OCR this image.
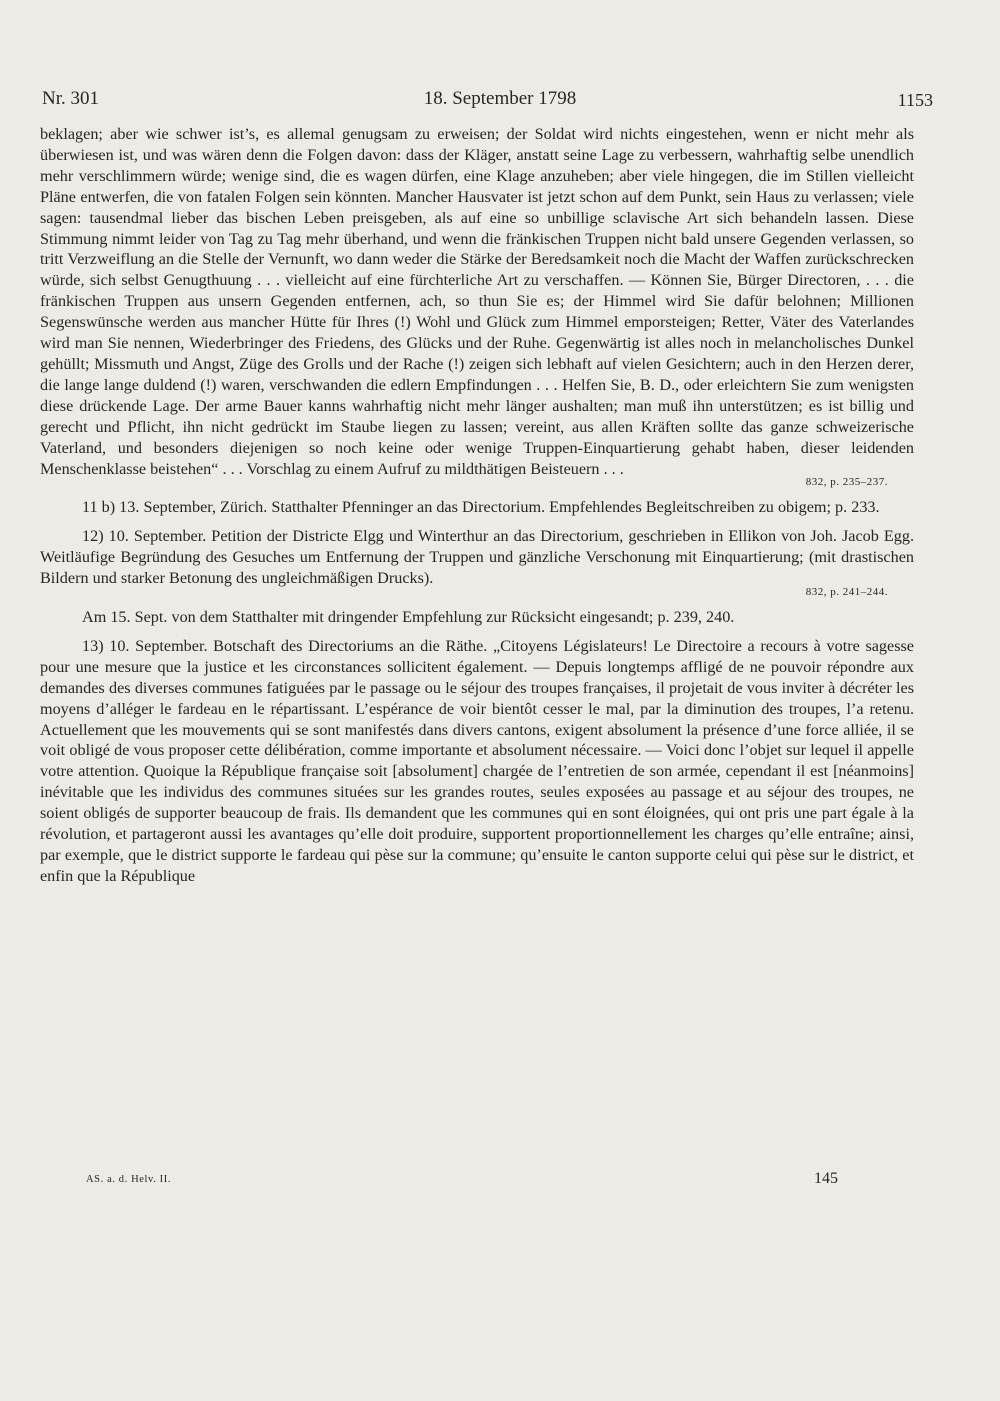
Nr. 301	18. September 1798	1153

beklagen; aber wie schwer ist’s, es allemal genugsam zu erweisen; der Soldat wird nichts eingestehen, wenn er nicht mehr als überwiesen ist, und was wären denn die Folgen davon: dass der Kläger, anstatt seine Lage zu verbessern, wahrhaftig selbe unendlich mehr verschlimmern würde; wenige sind, die es wagen dürfen, eine Klage anzuheben; aber viele hingegen, die im Stillen vielleicht Pläne entwerfen, die von fatalen Folgen sein könnten. Mancher Hausvater ist jetzt schon auf dem Punkt, sein Haus zu verlassen; viele sagen: tausendmal lieber das bischen Leben preisgeben, als auf eine so unbillige sclavische Art sich behandeln lassen. Diese Stimmung nimmt leider von Tag zu Tag mehr überhand, und wenn die fränkischen Truppen nicht bald unsere Gegenden verlassen, so tritt Verzweiflung an die Stelle der Vernunft, wo dann weder die Stärke der Beredsamkeit noch die Macht der Waffen zurückschrecken würde, sich selbst Genugthuung . . . vielleicht auf eine fürchterliche Art zu verschaffen. — Können Sie, Bürger Directoren, . . . die fränkischen Truppen aus unsern Gegenden entfernen, ach, so thun Sie es; der Himmel wird Sie dafür belohnen; Millionen Segenswünsche werden aus mancher Hütte für Ihres (!) Wohl und Glück zum Himmel emporsteigen; Retter, Väter des Vaterlandes wird man Sie nennen, Wiederbringer des Friedens, des Glücks und der Ruhe. Gegenwärtig ist alles noch in melancholisches Dunkel gehüllt; Missmuth und Angst, Züge des Grolls und der Rache (!) zeigen sich lebhaft auf vielen Gesichtern; auch in den Herzen derer, die lange lange duldend (!) waren, verschwanden die edlern Empfindungen . . . Helfen Sie, B. D., oder erleichtern Sie zum wenigsten diese drückende Lage. Der arme Bauer kanns wahrhaftig nicht mehr länger aushalten; man muß ihn unterstützen; es ist billig und gerecht und Pflicht, ihn nicht gedrückt im Staube liegen zu lassen; vereint, aus allen Kräften sollte das ganze schweizerische Vaterland, und besonders diejenigen so noch keine oder wenige Truppen-Einquartierung gehabt haben, dieser leidenden Menschenklasse beistehen“ . . . Vorschlag zu einem Aufruf zu mildthätigen Beisteuern . . .

832, p. 235–237.

11 b) 13. September, Zürich. Statthalter Pfenninger an das Directorium. Empfehlendes Begleitschreiben zu obigem; p. 233.

12) 10. September. Petition der Districte Elgg und Winterthur an das Directorium, geschrieben in Ellikon von Joh. Jacob Egg. Weitläufige Begründung des Gesuches um Entfernung der Truppen und gänzliche Verschonung mit Einquartierung; (mit drastischen Bildern und starker Betonung des ungleichmäßigen Drucks).

832, p. 241–244.

Am 15. Sept. von dem Statthalter mit dringender Empfehlung zur Rücksicht eingesandt; p. 239, 240.

13) 10. September. Botschaft des Directoriums an die Räthe. „Citoyens Législateurs! Le Directoire a recours à votre sagesse pour une mesure que la justice et les circonstances sollicitent également. — Depuis longtemps affligé de ne pouvoir répondre aux demandes des diverses communes fatiguées par le passage ou le séjour des troupes françaises, il projetait de vous inviter à décréter les moyens d’alléger le fardeau en le répartissant. L’espérance de voir bientôt cesser le mal, par la diminution des troupes, l’a retenu. Actuellement que les mouvements qui se sont manifestés dans divers cantons, exigent absolument la présence d’une force alliée, il se voit obligé de vous proposer cette délibération, comme importante et absolument nécessaire. — Voici donc l’objet sur lequel il appelle votre attention. Quoique la République française soit [absolument] chargée de l’entretien de son armée, cependant il est [néanmoins] inévitable que les individus des communes situées sur les grandes routes, seules exposées au passage et au séjour des troupes, ne soient obligés de supporter beaucoup de frais. Ils demandent que les communes qui en sont éloignées, qui ont pris une part égale à la révolution, et partageront aussi les avantages qu’elle doit produire, supportent proportionnellement les charges qu’elle entraîne; ainsi, par exemple, que le district supporte le fardeau qui pèse sur la commune; qu’ensuite le canton supporte celui qui pèse sur le district, et enfin que la République

AS. a. d. Helv. II.	145
